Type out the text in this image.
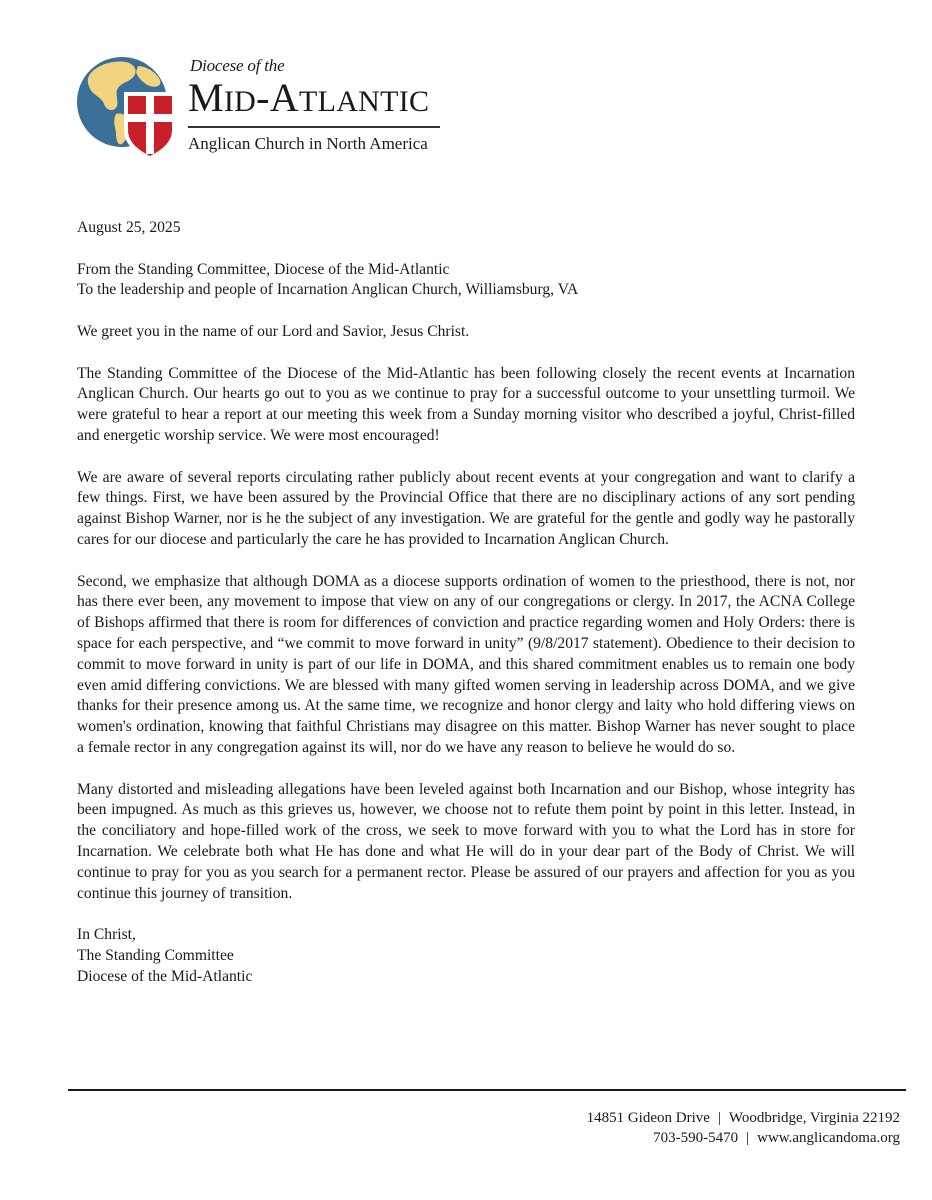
Diocese of the
MID-ATLANTIC
Anglican Church in North America

August 25, 2025

From the Standing Committee, Diocese of the Mid-Atlantic

To the leadership and people of Incarnation Anglican Church, Williamsburg, VA

We greet you in the name of our Lord and Savior, Jesus Christ.

The Standing Committee of the Diocese of the Mid-Atlantic has been following closely the recent events at Incarnation Anglican Church. Our hearts go out to you as we continue to pray for a successful outcome to your unsettling turmoil. We were grateful to hear a report at our meeting this week from a Sunday morning visitor who described a joyful, Christ-filled and energetic worship service. We were most encouraged!

We are aware of several reports circulating rather publicly about recent events at your congregation and want to clarify a few things. First, we have been assured by the Provincial Office that there are no disciplinary actions of any sort pending against Bishop Warner, nor is he the subject of any investigation. We are grateful for the gentle and godly way he pastorally cares for our diocese and particularly the care he has provided to Incarnation Anglican Church.

Second, we emphasize that although DOMA as a diocese supports ordination of women to the priesthood, there is not, nor has there ever been, any movement to impose that view on any of our congregations or clergy. In 2017, the ACNA College of Bishops affirmed that there is room for differences of conviction and practice regarding women and Holy Orders: there is space for each perspective, and “we commit to move forward in unity” (9/8/2017 statement). Obedience to their decision to commit to move forward in unity is part of our life in DOMA, and this shared commitment enables us to remain one body even amid differing convictions. We are blessed with many gifted women serving in leadership across DOMA, and we give thanks for their presence among us. At the same time, we recognize and honor clergy and laity who hold differing views on women's ordination, knowing that faithful Christians may disagree on this matter. Bishop Warner has never sought to place a female rector in any congregation against its will, nor do we have any reason to believe he would do so.

Many distorted and misleading allegations have been leveled against both Incarnation and our Bishop, whose integrity has been impugned. As much as this grieves us, however, we choose not to refute them point by point in this letter. Instead, in the conciliatory and hope-filled work of the cross, we seek to move forward with you to what the Lord has in store for Incarnation. We celebrate both what He has done and what He will do in your dear part of the Body of Christ. We will continue to pray for you as you search for a permanent rector. Please be assured of our prayers and affection for you as you continue this journey of transition.

In Christ,

The Standing Committee

Diocese of the Mid-Atlantic

14851 Gideon Drive | Woodbridge, Virginia 22192
703-590-5470 | www.anglicandoma.org
